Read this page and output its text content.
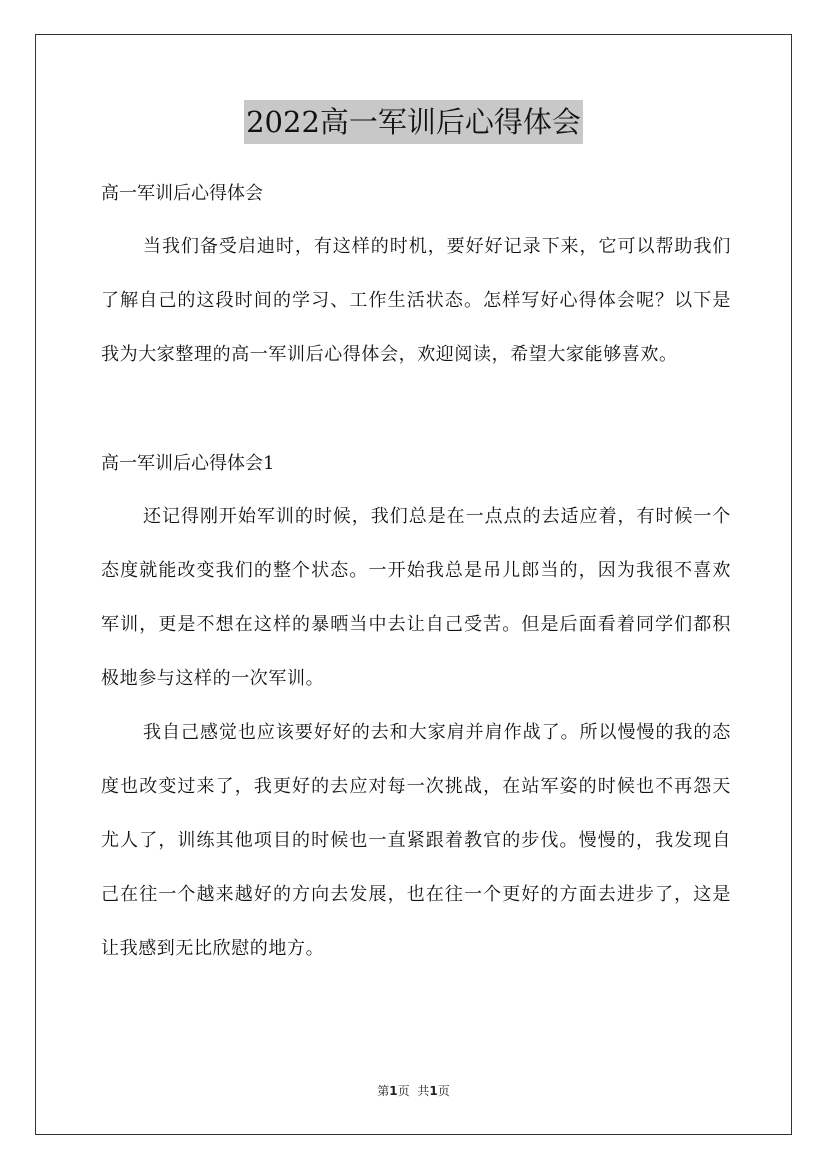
2022高一军训后心得体会

高一军训后心得体会

当我们备受启迪时，有这样的时机，要好好记录下来，它可以帮助我们了解自己的这段时间的学习、工作生活状态。怎样写好心得体会呢？以下是我为大家整理的高一军训后心得体会，欢迎阅读，希望大家能够喜欢。

高一军训后心得体会1

还记得刚开始军训的时候，我们总是在一点点的去适应着，有时候一个态度就能改变我们的整个状态。一开始我总是吊儿郎当的，因为我很不喜欢军训，更是不想在这样的暴晒当中去让自己受苦。但是后面看着同学们都积极地参与这样的一次军训。

我自己感觉也应该要好好的去和大家肩并肩作战了。所以慢慢的我的态度也改变过来了，我更好的去应对每一次挑战，在站军姿的时候也不再怨天尤人了，训练其他项目的时候也一直紧跟着教官的步伐。慢慢的，我发现自己在往一个越来越好的方向去发展，也在往一个更好的方面去进步了，这是让我感到无比欣慰的地方。

第1页 共1页
